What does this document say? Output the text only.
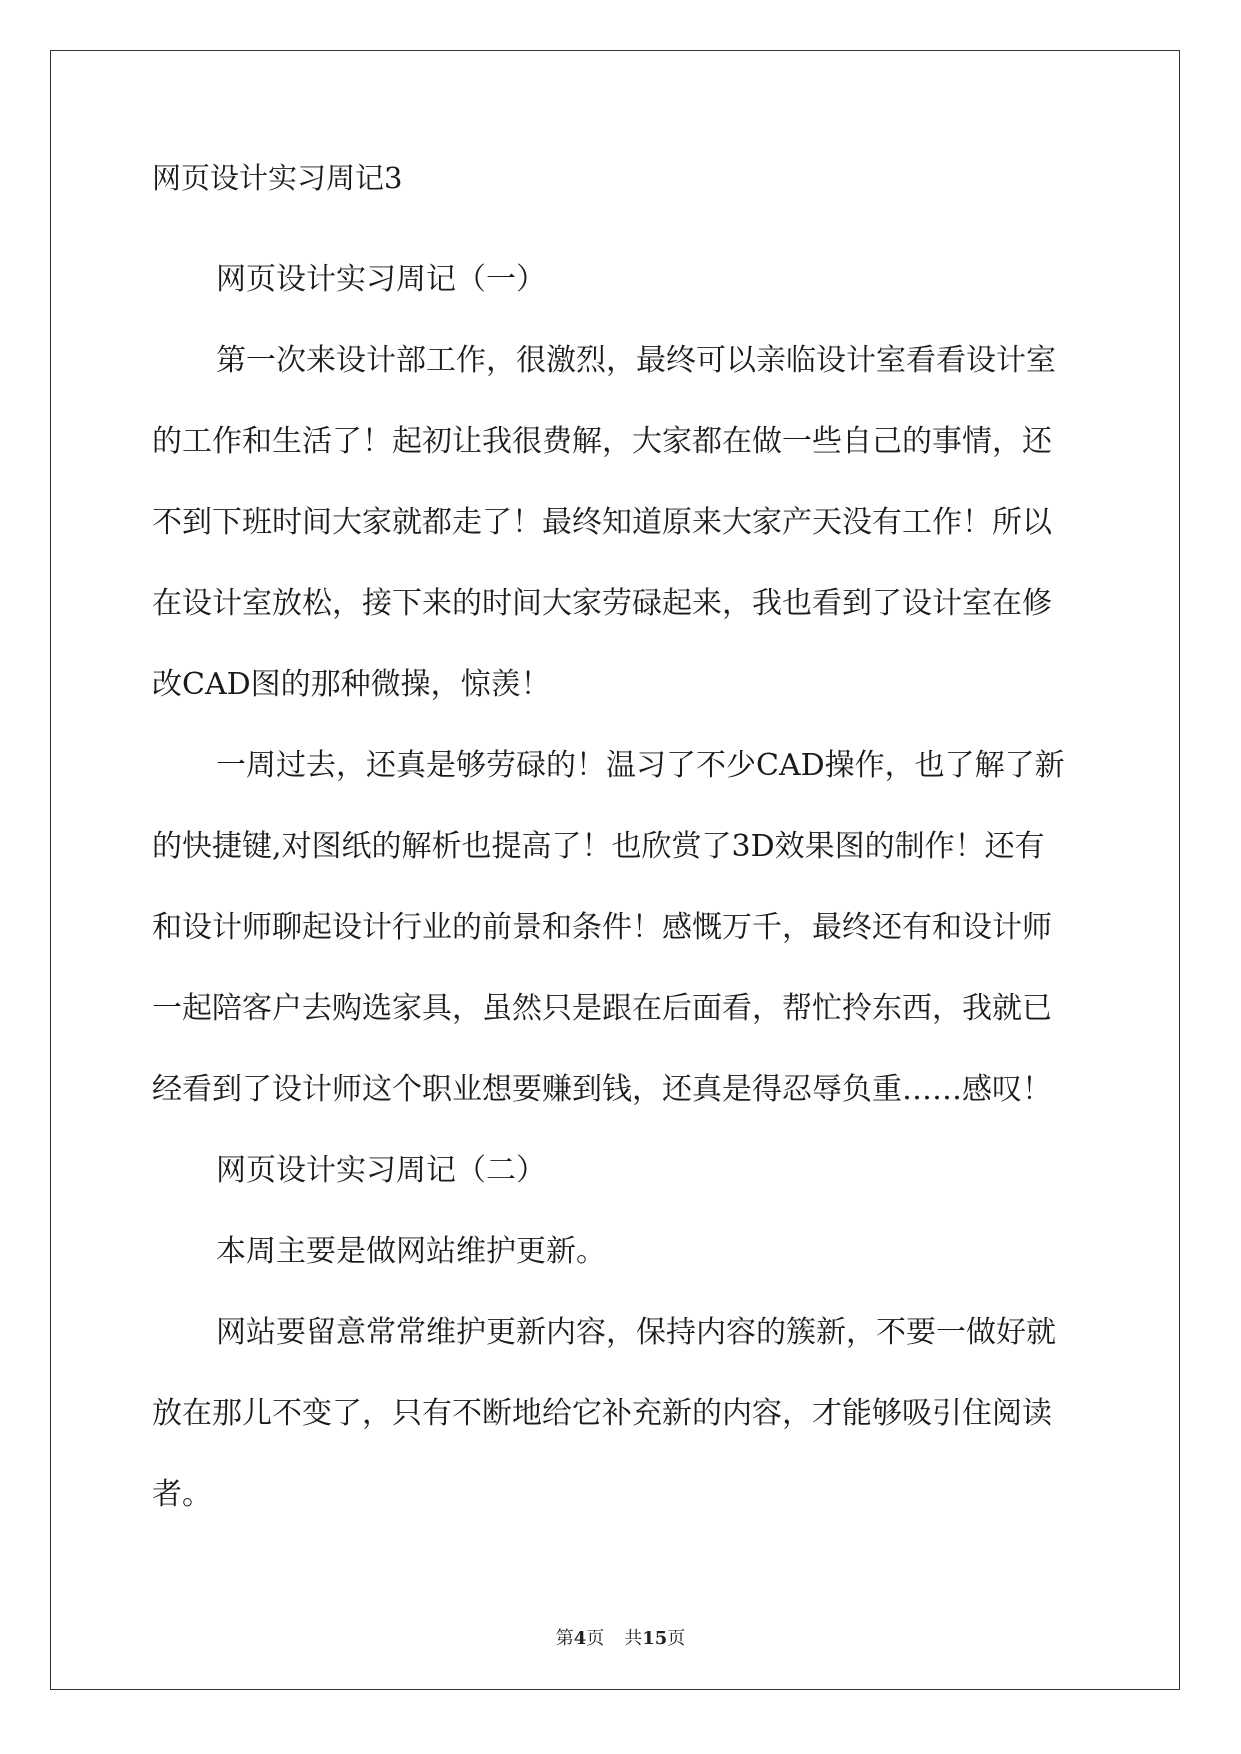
网页设计实习周记3

网页设计实习周记（一）

第一次来设计部工作，很激烈，最终可以亲临设计室看看设计室

的工作和生活了！起初让我很费解，大家都在做一些自己的事情，还

不到下班时间大家就都走了！最终知道原来大家产天没有工作！所以

在设计室放松，接下来的时间大家劳碌起来，我也看到了设计室在修

改CAD图的那种微操，惊羡！

一周过去，还真是够劳碌的！温习了不少CAD操作，也了解了新

的快捷键,对图纸的解析也提高了！也欣赏了3D效果图的制作！还有

和设计师聊起设计行业的前景和条件！感慨万千，最终还有和设计师

一起陪客户去购选家具，虽然只是跟在后面看，帮忙拎东西，我就已

经看到了设计师这个职业想要赚到钱，还真是得忍辱负重……感叹！

网页设计实习周记（二）

本周主要是做网站维护更新。

网站要留意常常维护更新内容，保持内容的簇新，不要一做好就

放在那儿不变了，只有不断地给它补充新的内容，才能够吸引住阅读

者。

第4页 共15页
